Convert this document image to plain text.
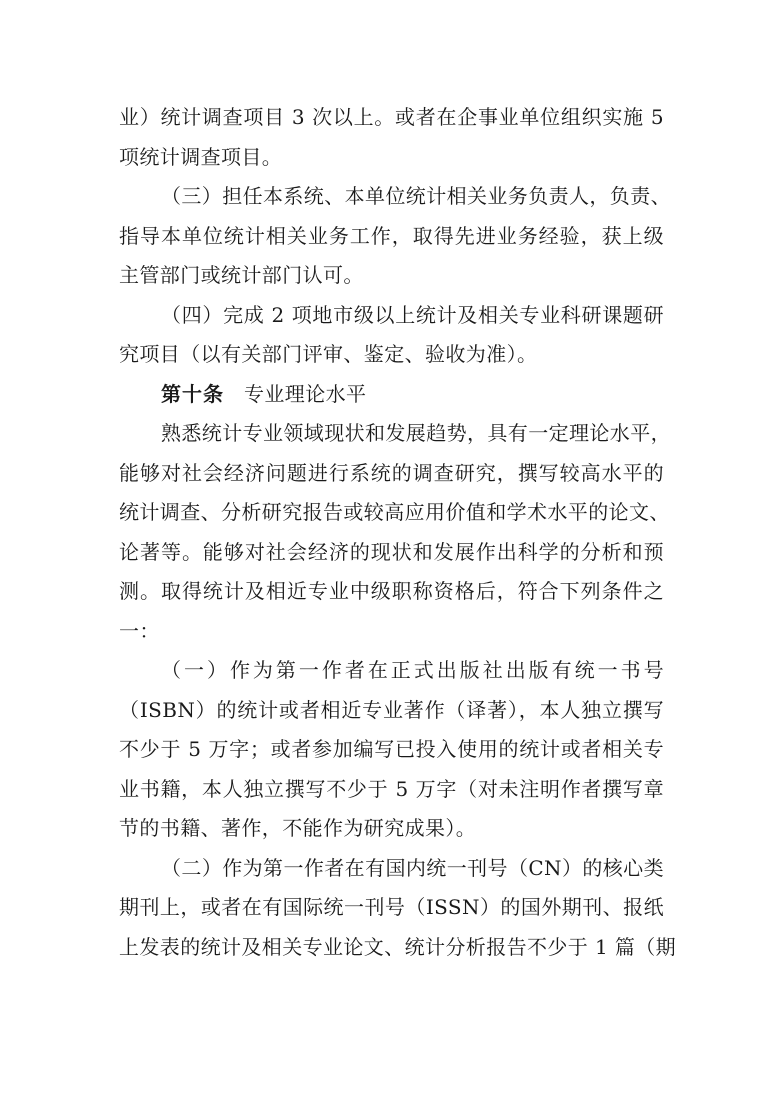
业）统计调查项目 3 次以上。或者在企事业单位组织实施 5
项统计调查项目。
（三）担任本系统、本单位统计相关业务负责人，负责、
指导本单位统计相关业务工作，取得先进业务经验，获上级
主管部门或统计部门认可。
（四）完成 2 项地市级以上统计及相关专业科研课题研
究项目（以有关部门评审、鉴定、验收为准）。
第十条 专业理论水平
熟悉统计专业领域现状和发展趋势，具有一定理论水平，
能够对社会经济问题进行系统的调查研究，撰写较高水平的
统计调查、分析研究报告或较高应用价值和学术水平的论文、
论著等。能够对社会经济的现状和发展作出科学的分析和预
测。取得统计及相近专业中级职称资格后，符合下列条件之
一：
（一）作为第一作者在正式出版社出版有统一书号
（ISBN）的统计或者相近专业著作（译著），本人独立撰写
不少于 5 万字；或者参加编写已投入使用的统计或者相关专
业书籍，本人独立撰写不少于 5 万字（对未注明作者撰写章
节的书籍、著作，不能作为研究成果）。
（二）作为第一作者在有国内统一刊号（CN）的核心类
期刊上，或者在有国际统一刊号（ISSN）的国外期刊、报纸
上发表的统计及相关专业论文、统计分析报告不少于 1 篇（期
